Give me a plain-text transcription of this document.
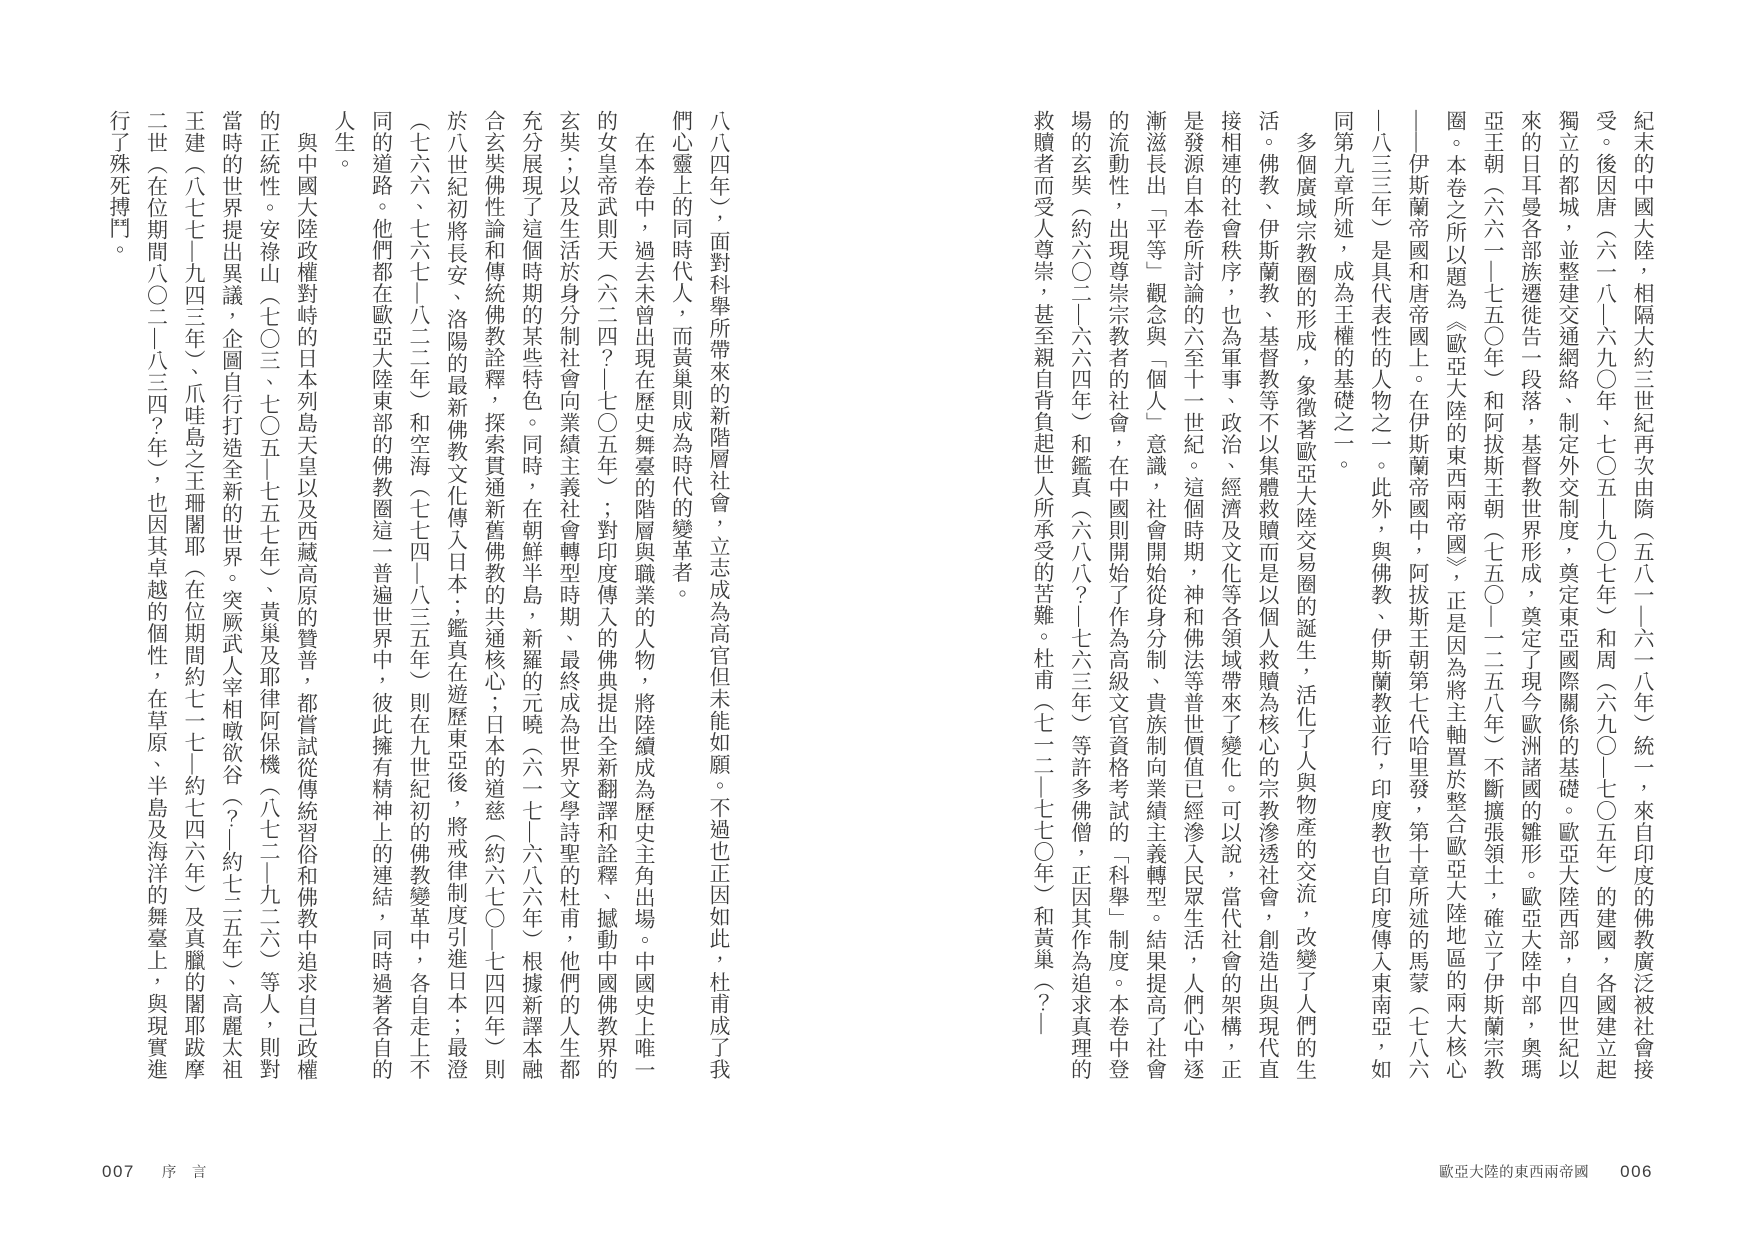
八八四年），面對科舉所帶來的新階層社會，立志成為高官但未能如願。不過也正因如此，杜甫成了我們心靈上的同時代人，而黃巢則成為時代的變革者。

在本卷中，過去未曾出現在歷史舞臺的階層與職業的人物，將陸續成為歷史主角出場。中國史上唯一的女皇帝武則天（六二四？—七〇五年）；對印度傳入的佛典提出全新翻譯和詮釋、撼動中國佛教界的玄奘；以及生活於身分制社會向業績主義社會轉型時期、最終成為世界文學詩聖的杜甫，他們的人生都充分展現了這個時期的某些特色。同時，在朝鮮半島，新羅的元曉（六一七—六八六年）根據新譯本融合玄奘佛性論和傳統佛教詮釋，探索貫通新舊佛教的共通核心；日本的道慈（約六七〇—七四四年）則於八世紀初將長安、洛陽的最新佛教文化傳入日本；鑑真在遊歷東亞後，將戒律制度引進日本；最澄（七六六、七六七—八二二年）和空海（七七四—八三五年）則在九世紀初的佛教變革中，各自走上不同的道路。他們都在歐亞大陸東部的佛教圈這一普遍世界中，彼此擁有精神上的連結，同時過著各自的人生。

與中國大陸政權對峙的日本列島天皇以及西藏高原的贊普，都嘗試從傳統習俗和佛教中追求自己政權的正統性。安祿山（七〇三、七〇五—七五七年）、黃巢及耶律阿保機（八七二—九二六）等人，則對當時的世界提出異議，企圖自行打造全新的世界。突厥武人宰相暾欲谷（？—約七二五年）、高麗太祖王建（八七七—九四三年）、爪哇島之王珊闍耶（在位期間約七一七—約七四六年）及真臘的闍耶跋摩二世（在位期間八〇二—八三四？年），也因其卓越的個性，在草原、半島及海洋的舞臺上，與現實進行了殊死搏鬥。

007 序　言

紀末的中國大陸，相隔大約三世紀再次由隋（五八一—六一八年）統一，來自印度的佛教廣泛被社會接受。後因唐（六一八—六九〇年、七〇五—九〇七年）和周（六九〇—七〇五年）的建國，各國建立起獨立的都城，並整建交通網絡、制定外交制度，奠定東亞國際關係的基礎。歐亞大陸西部，自四世紀以來的日耳曼各部族遷徙告一段落，基督教世界形成，奠定了現今歐洲諸國的雛形。歐亞大陸中部，奧瑪亞王朝（六六一—七五〇年）和阿拔斯王朝（七五〇—一二五八年）不斷擴張領土，確立了伊斯蘭宗教圈。本卷之所以題為《歐亞大陸的東西兩帝國》，正是因為將主軸置於整合歐亞大陸地區的兩大核心——伊斯蘭帝國和唐帝國上。在伊斯蘭帝國中，阿拔斯王朝第七代哈里發，第十章所述的馬蒙（七八六—八三三年）是具代表性的人物之一。此外，與佛教、伊斯蘭教並行，印度教也自印度傳入東南亞，如同第九章所述，成為王權的基礎之一。

多個廣域宗教圈的形成，象徵著歐亞大陸交易圈的誕生，活化了人與物產的交流，改變了人們的生活。佛教、伊斯蘭教、基督教等不以集體救贖而是以個人救贖為核心的宗教滲透社會，創造出與現代直接相連的社會秩序，也為軍事、政治、經濟及文化等各領域帶來了變化。可以說，當代社會的架構，正是發源自本卷所討論的六至十一世紀。這個時期，神和佛法等普世價值已經滲入民眾生活，人們心中逐漸滋長出「平等」觀念與「個人」意識，社會開始從身分制、貴族制向業績主義轉型。結果提高了社會的流動性，出現尊崇宗教者的社會，在中國則開始了作為高級文官資格考試的「科舉」制度。本卷中登場的玄奘（約六〇二—六六四年）和鑑真（六八八？—七六三年）等許多佛僧，正因其作為追求真理的救贖者而受人尊崇，甚至親自背負起世人所承受的苦難。杜甫（七一二—七七〇年）和黃巢（？—

歐亞大陸的東西兩帝國 006
